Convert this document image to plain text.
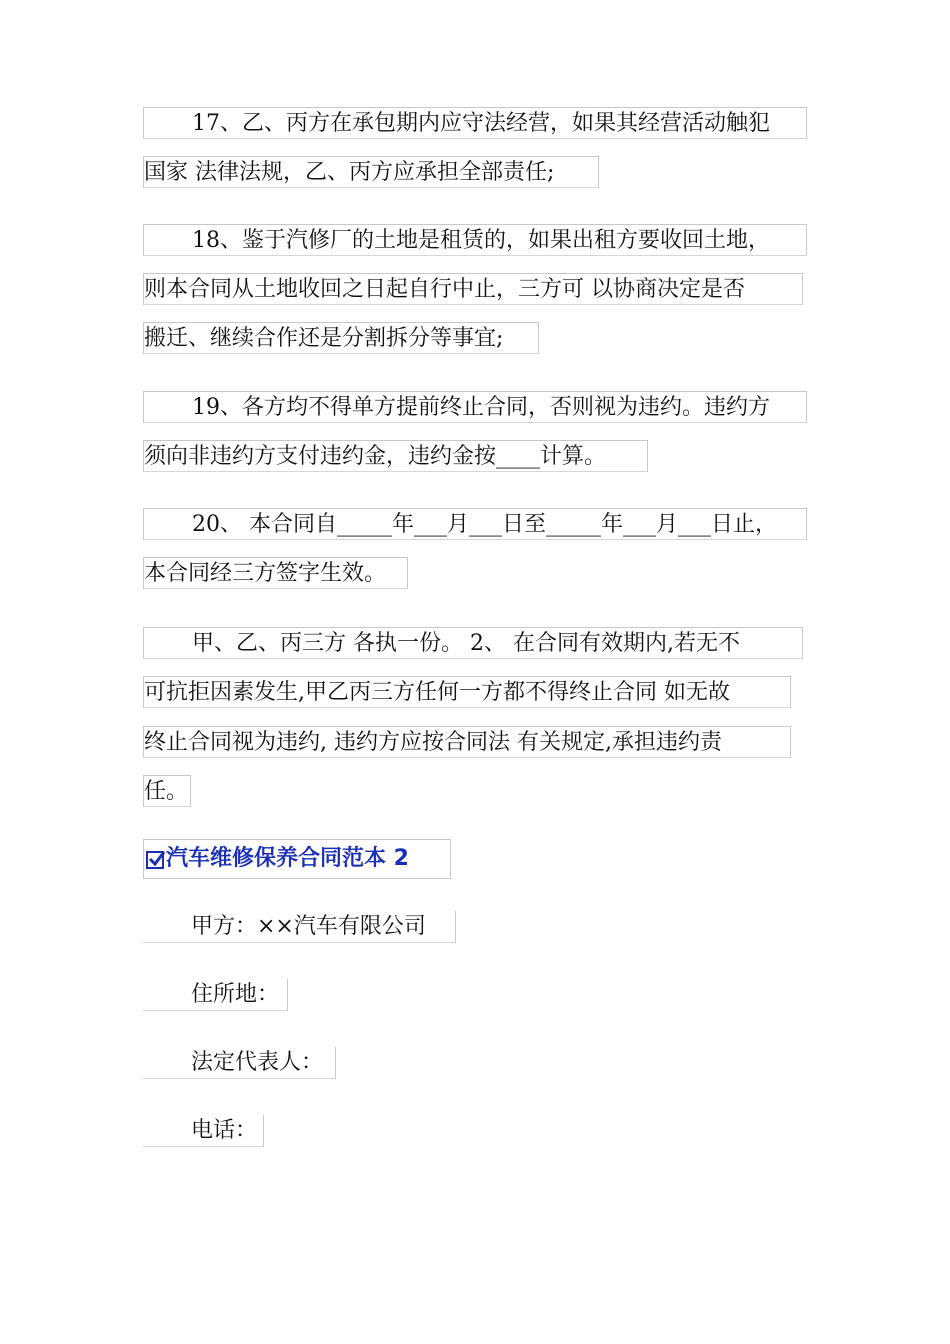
17、乙、丙方在承包期内应守法经营，如果其经营活动触犯
国家 法律法规，乙、丙方应承担全部责任;
18、鉴于汽修厂的土地是租赁的，如果出租方要收回土地，
则本合同从土地收回之日起自行中止，三方可 以协商决定是否
搬迁、继续合作还是分割拆分等事宜;
19、各方均不得单方提前终止合同，否则视为违约。违约方
须向非违约方支付违约金，违约金按____计算。
20、 本合同自_____年___月___日至_____年___月___日止，
本合同经三方签字生效。
甲、乙、丙三方 各执一份。 2、 在合同有效期内,若无不
可抗拒因素发生,甲乙丙三方任何一方都不得终止合同 如无故
终止合同视为违约, 违约方应按合同法 有关规定,承担违约责
任。
汽车维修保养合同范本 2
甲方：××汽车有限公司
住所地：
法定代表人：
电话：
